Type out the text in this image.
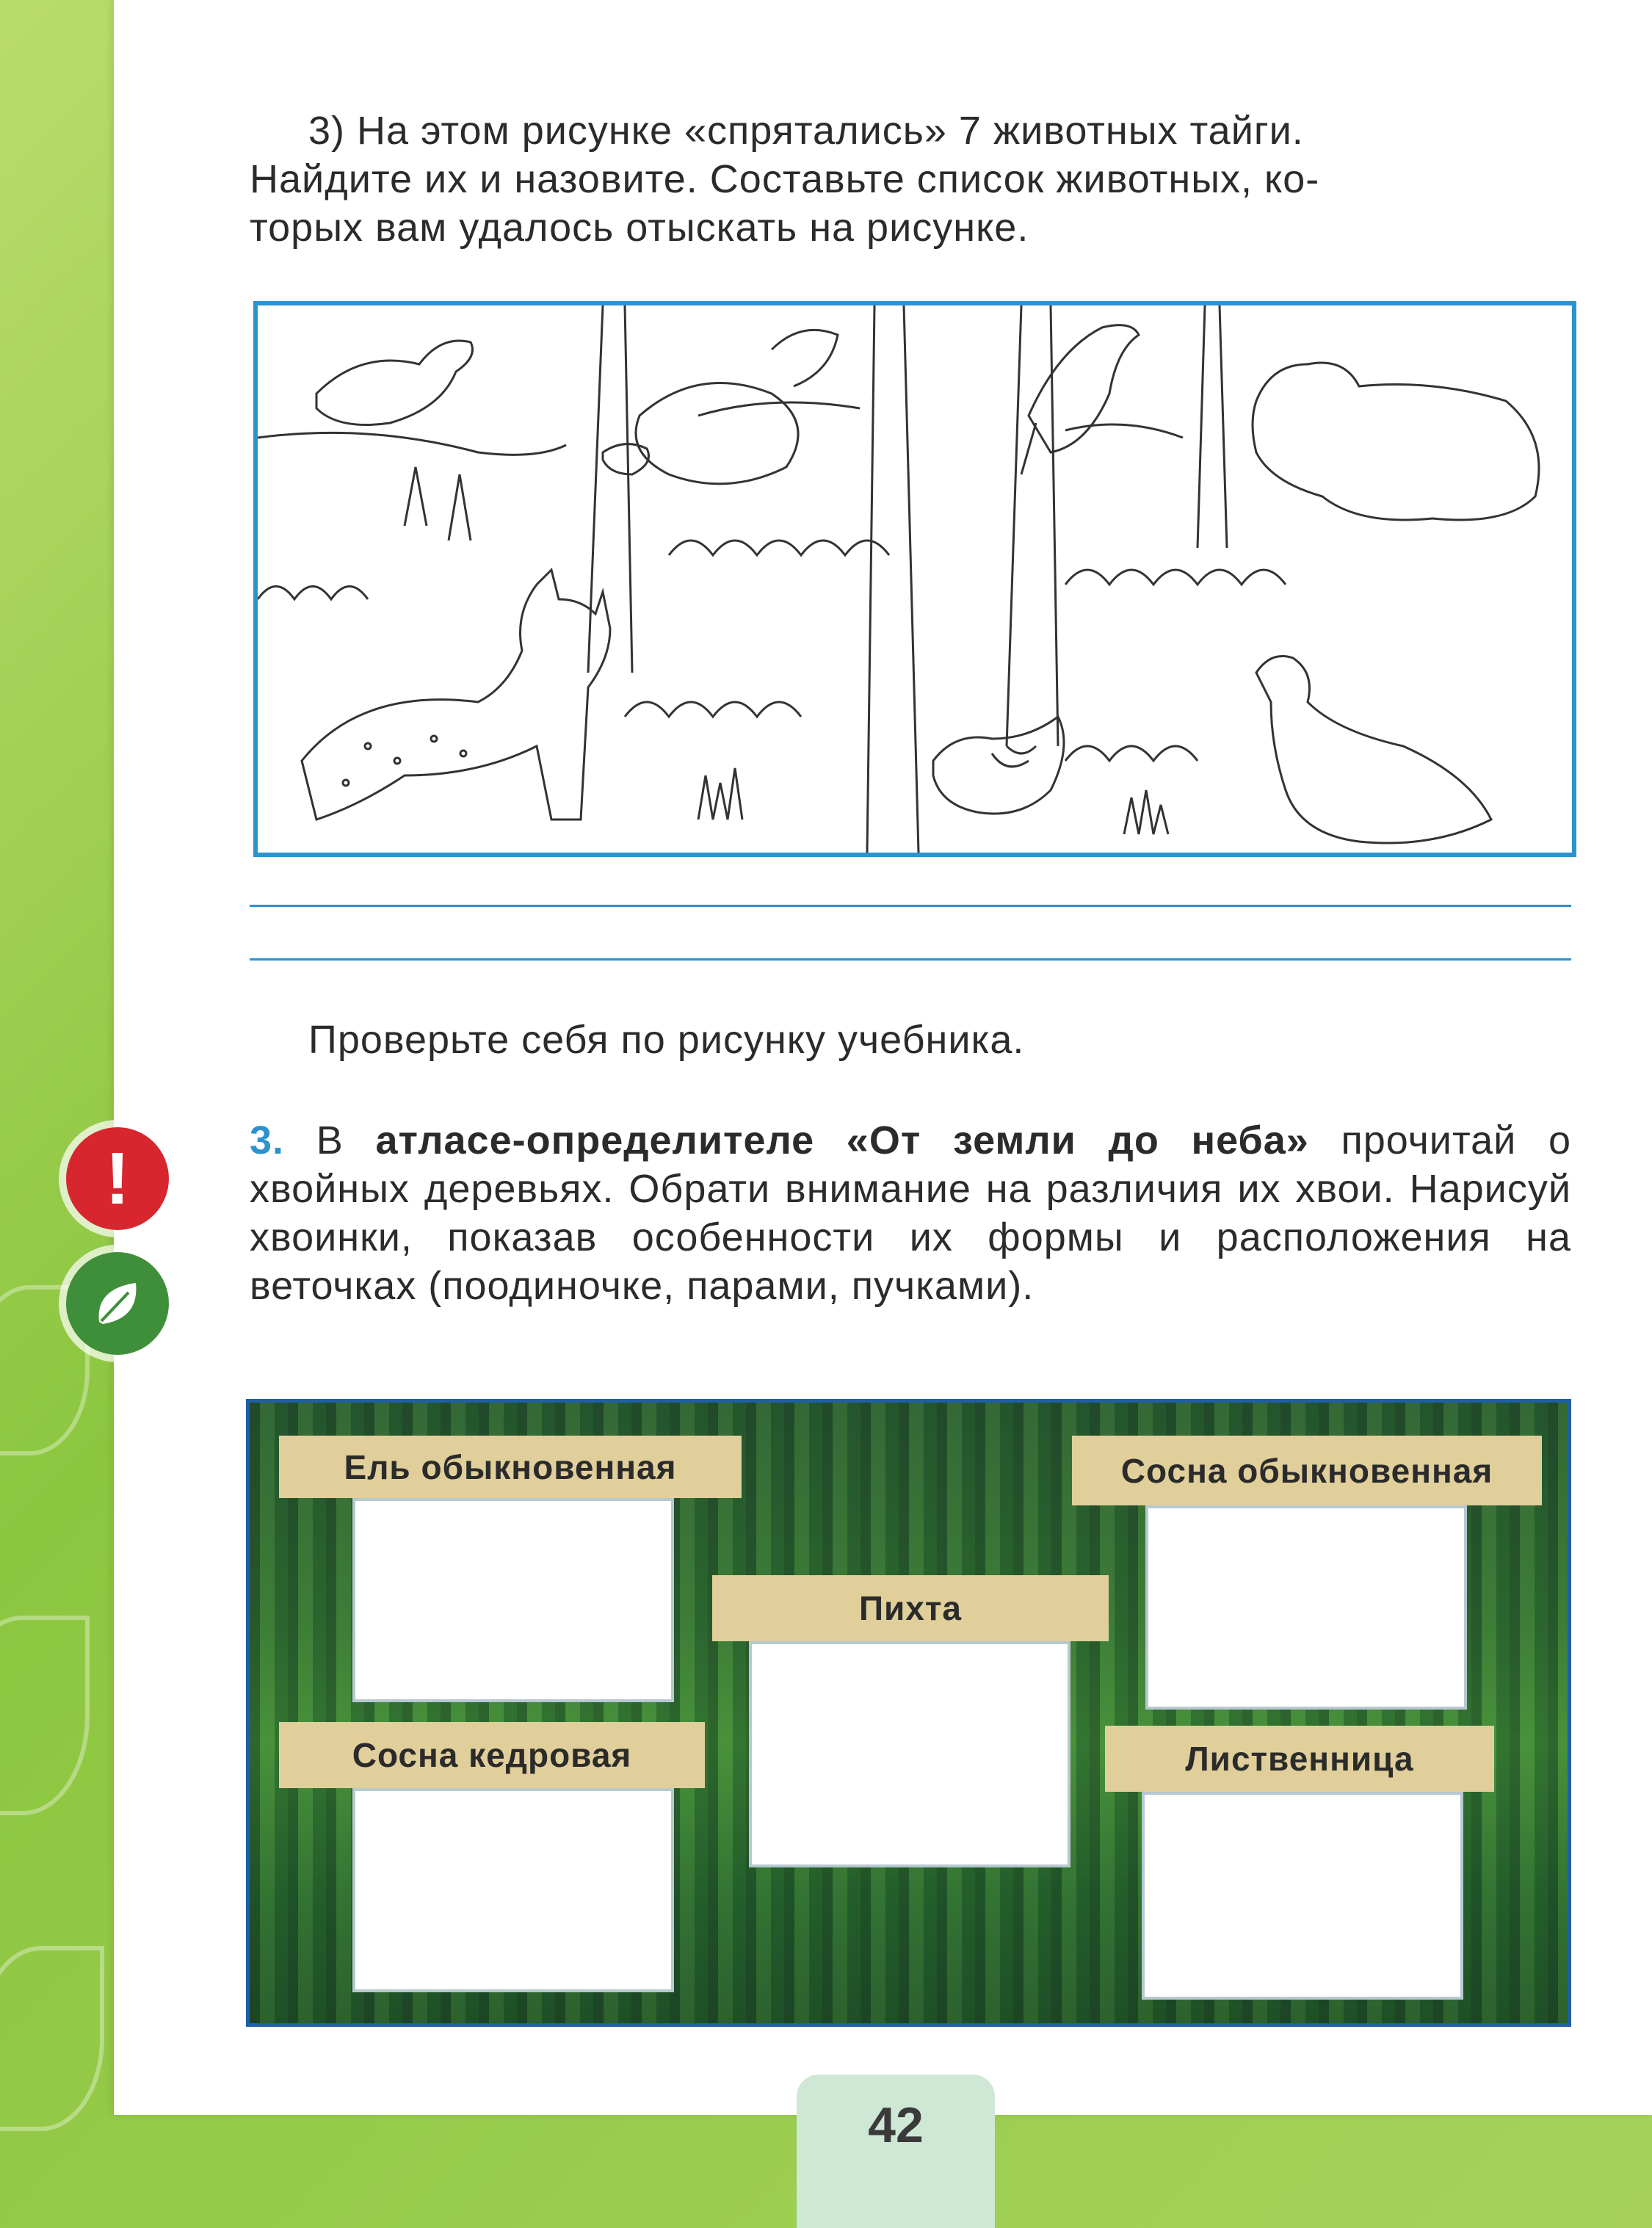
3) На этом рисунке «спрятались» 7 животных тайги.
Найдите их и назовите. Составьте список животных, ко-
торых вам удалось отыскать на рисунке.
Проверьте себя по рисунку учебника.
!	3. В атласе-определителе «От земли до неба» прочитай о хвойных деревьях. Обрати внимание на различия их хвои. Нарисуй хвоинки, показав особенности их формы и расположения на веточках (поодиночке, парами, пучками).
Ель обыкновенная	Сосна обыкновенная
Пихта
Сосна кедровая	Лиственница
42
